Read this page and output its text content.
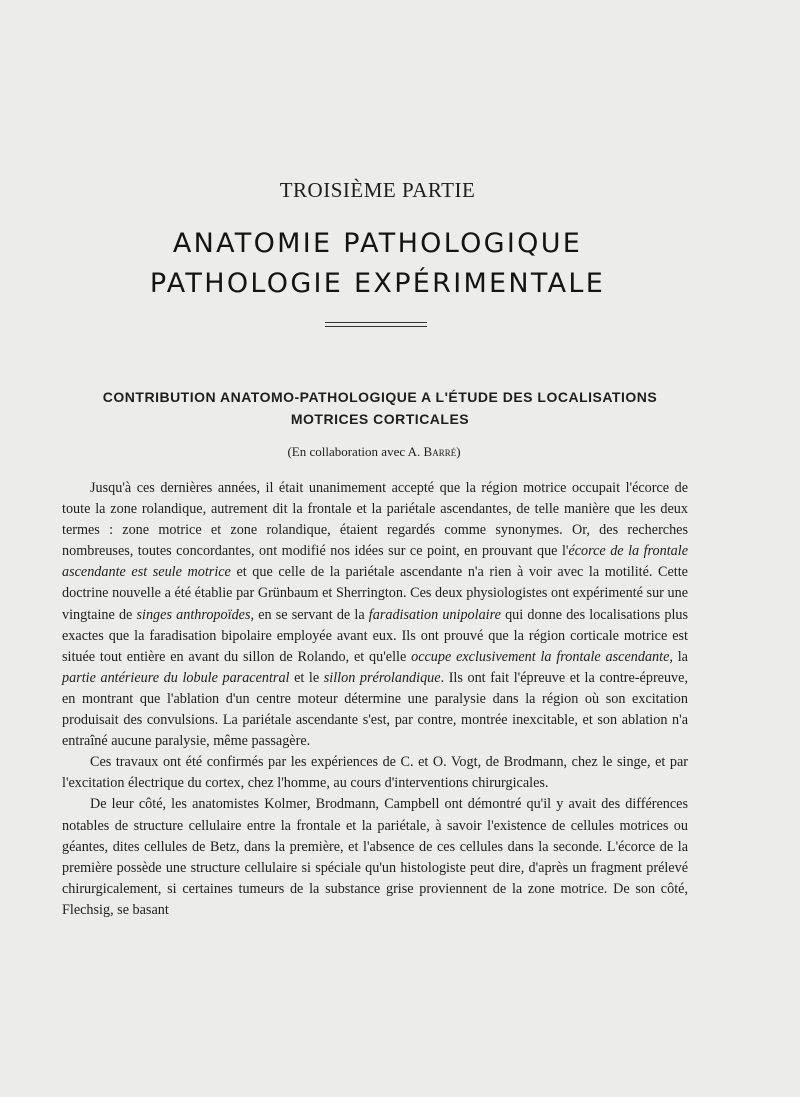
TROISIÈME PARTIE
ANATOMIE PATHOLOGIQUE
PATHOLOGIE EXPÉRIMENTALE
CONTRIBUTION ANATOMO-PATHOLOGIQUE A L'ÉTUDE DES LOCALISATIONS
MOTRICES CORTICALES
(En collaboration avec A. Barré)

Jusqu'à ces dernières années, il était unanimement accepté que la région motrice occupait l'écorce de toute la zone rolandique, autrement dit la frontale et la pariétale ascendantes, de telle manière que les deux termes : zone motrice et zone rolandique, étaient regardés comme synonymes. Or, des recherches nombreuses, toutes concordantes, ont modifié nos idées sur ce point, en prouvant que l'écorce de la frontale ascendante est seule motrice et que celle de la pariétale ascendante n'a rien à voir avec la motilité. Cette doctrine nouvelle a été établie par Grünbaum et Sherrington. Ces deux physiologistes ont expérimenté sur une vingtaine de singes anthropoïdes, en se servant de la faradisation unipolaire qui donne des localisations plus exactes que la faradisation bipolaire employée avant eux. Ils ont prouvé que la région corticale motrice est située tout entière en avant du sillon de Rolando, et qu'elle occupe exclusivement la frontale ascendante, la partie antérieure du lobule paracentral et le sillon prérolandique. Ils ont fait l'épreuve et la contre-épreuve, en montrant que l'ablation d'un centre moteur détermine une paralysie dans la région où son excitation produisait des convulsions. La pariétale ascendante s'est, par contre, montrée inexcitable, et son ablation n'a entraîné aucune paralysie, même passagère.

Ces travaux ont été confirmés par les expériences de C. et O. Vogt, de Brodmann, chez le singe, et par l'excitation électrique du cortex, chez l'homme, au cours d'interventions chirurgicales.

De leur côté, les anatomistes Kolmer, Brodmann, Campbell ont démontré qu'il y avait des différences notables de structure cellulaire entre la frontale et la pariétale, à savoir l'existence de cellules motrices ou géantes, dites cellules de Betz, dans la première, et l'absence de ces cellules dans la seconde. L'écorce de la première possède une structure cellulaire si spéciale qu'un histologiste peut dire, d'après un fragment prélevé chirurgicalement, si certaines tumeurs de la substance grise proviennent de la zone motrice. De son côté, Flechsig, se basant
